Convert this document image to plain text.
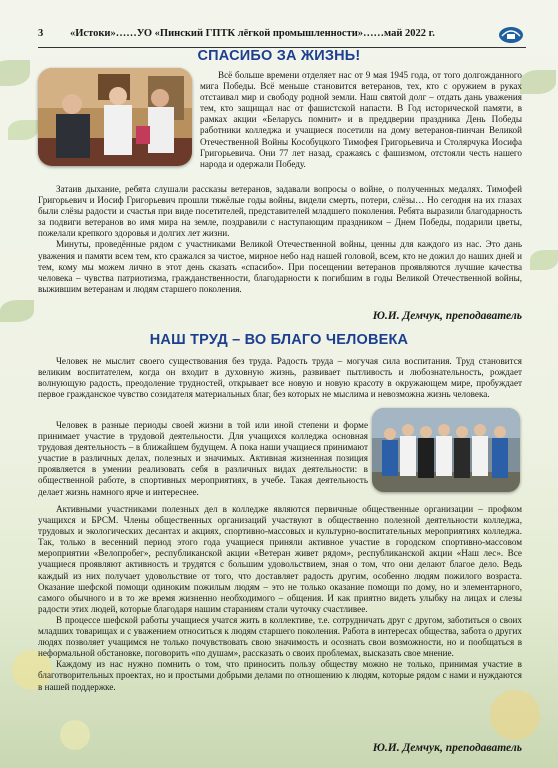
3	«Истоки»……УО «Пинский ГПТК лёгкой промышленности»……май 2022 г.
СПАСИБО ЗА ЖИЗНЬ!

Всё больше времени отделяет нас от 9 мая 1945 года, от того долгожданного мига Победы. Всё меньше становится ветеранов, тех, кто с оружием в руках отстаивал мир и свободу родной земли. Наш святой долг – отдать дань уважения тем, кто защищал нас от фашистской напасти. В Год исторической памяти, в рамках акции «Беларусь помнит» и в преддверии праздника День Победы работники колледжа и учащиеся посетили на дому ветеранов-пинчан Великой Отечественной Войны Кособуцкого Тимофея Григорьевича и Столярчука Иосифа Григорьевича. Они 77 лет назад, сражаясь с фашизмом, отстояли честь нашего народа и одержали Победу.

Затаив дыхание, ребята слушали рассказы ветеранов, задавали вопросы о войне, о полученных медалях. Тимофей Григорьевич и Иосиф Григорьевич прошли тяжёлые годы войны, видели смерть, потери, слёзы… Но сегодня на их глазах были слёзы радости и счастья при виде посетителей, представителей младшего поколения. Ребята выразили благодарность за подвиги ветеранов во имя мира на земле, поздравили с наступающим праздником – Днем Победы, подарили цветы, пожелали крепкого здоровья и долгих лет жизни.

Минуты, проведённые рядом с участниками Великой Отечественной войны, ценны для каждого из нас. Это дань уважения и памяти всем тем, кто сражался за чистое, мирное небо над нашей головой, всем, кто не дожил до наших дней и тем, кому мы можем лично в этот день сказать «спасибо». При посещении ветеранов проявляются лучшие качества человека – чувства патриотизма, гражданственности, благодарности к погибшим в годы Великой Отечественной войны, выжившим ветеранам и людям старшего поколения.

Ю.И. Демчук, преподаватель
НАШ ТРУД – ВО БЛАГО ЧЕЛОВЕКА

Человек не мыслит своего существования без труда. Радость труда – могучая сила воспитания. Труд становится великим воспитателем, когда он входит в духовную жизнь, развивает пытливость и любознательность, рождает волнующую радость, преодоление трудностей, открывает все новую и новую красоту в окружающем мире, пробуждает первое гражданское чувство созидателя материальных благ, без которых не мыслима и невозможна жизнь человека.

Человек в разные периоды своей жизни в той или иной степени и форме принимает участие в трудовой деятельности. Для учащихся колледжа основная трудовая деятельность – в ближайшем будущем. А пока наши учащиеся принимают участие в различных делах, полезных и значимых. Активная жизненная позиция проявляется в умении реализовать себя в различных видах деятельности: в общественной работе, в спортивных мероприятиях, в учебе. Такая деятельность делает жизнь намного ярче и интереснее.

Активными участниками полезных дел в колледже являются первичные общественные организации – профком учащихся и БРСМ. Члены общественных организаций участвуют в общественно полезной деятельности колледжа, трудовых и экологических десантах и акциях, спортивно-массовых и культурно-воспитательных мероприятиях колледжа. Так, только в весенний период этого года учащиеся приняли активное участие в городском спортивно-массовом мероприятии «Велопробег», республиканской акции «Ветеран живет рядом», республиканской акции «Наш лес». Все учащиеся проявляют активность и трудятся с большим удовольствием, зная о том, что они делают благое дело. Ведь каждый из них получает удовольствие от того, что доставляет радость другим, особенно людям пожилого возраста. Оказание шефской помощи одиноким пожилым людям – это не только оказание помощи по дому, но и элементарного, самого обычного и в то же время жизненно необходимого – общения. И как приятно видеть улыбку на лицах и слезы радости этих людей, которые благодаря нашим стараниям стали чуточку счастливее.

В процессе шефской работы учащиеся учатся жить в коллективе, т.е. сотрудничать друг с другом, заботиться о своих младших товарищах и с уважением относиться к людям старшего поколения. Работа в интересах общества, забота о других людях позволяет учащимся не только почувствовать свою значимость и осознать свои возможности, но и пообщаться в неформальной обстановке, поговорить «по душам», рассказать о своих проблемах, высказать свое мнение.

Каждому из нас нужно помнить о том, что приносить пользу обществу можно не только, принимая участие в благотворительных проектах, но и простыми добрыми делами по отношению к людям, которые рядом с нами и нуждаются в нашей поддержке.

Ю.И. Демчук, преподаватель
